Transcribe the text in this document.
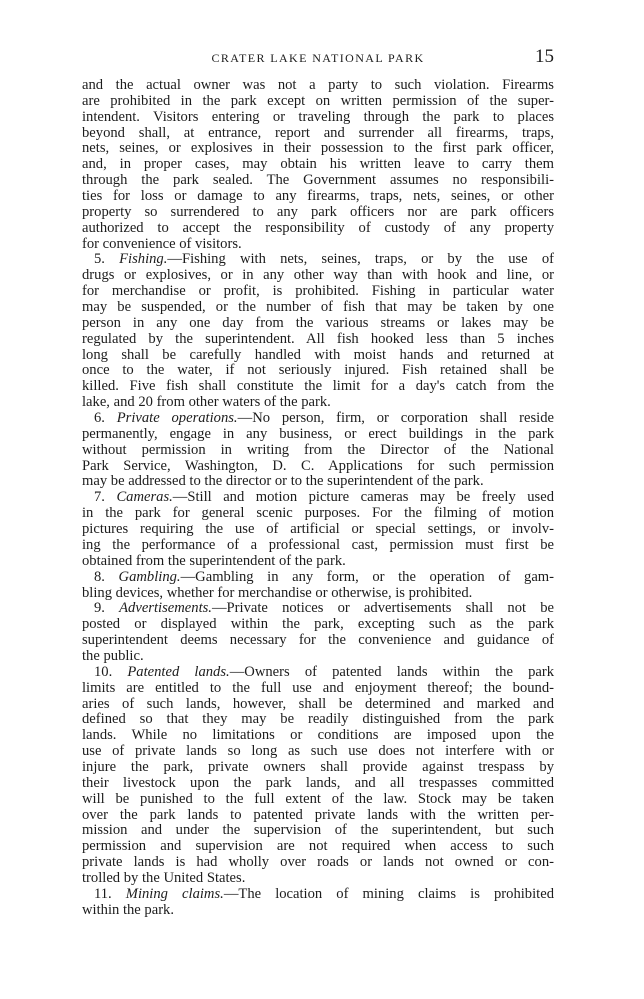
CRATER LAKE NATIONAL PARK	15
and the actual owner was not a party to such violation. Firearms
are prohibited in the park except on written permission of the super-
intendent. Visitors entering or traveling through the park to places
beyond shall, at entrance, report and surrender all firearms, traps,
nets, seines, or explosives in their possession to the first park officer,
and, in proper cases, may obtain his written leave to carry them
through the park sealed. The Government assumes no responsibili-
ties for loss or damage to any firearms, traps, nets, seines, or other
property so surrendered to any park officers nor are park officers
authorized to accept the responsibility of custody of any property
for convenience of visitors.
5. Fishing.—Fishing with nets, seines, traps, or by the use of
drugs or explosives, or in any other way than with hook and line, or
for merchandise or profit, is prohibited. Fishing in particular water
may be suspended, or the number of fish that may be taken by one
person in any one day from the various streams or lakes may be
regulated by the superintendent. All fish hooked less than 5 inches
long shall be carefully handled with moist hands and returned at
once to the water, if not seriously injured. Fish retained shall be
killed. Five fish shall constitute the limit for a day's catch from the
lake, and 20 from other waters of the park.
6. Private operations.—No person, firm, or corporation shall reside
permanently, engage in any business, or erect buildings in the park
without permission in writing from the Director of the National
Park Service, Washington, D. C. Applications for such permission
may be addressed to the director or to the superintendent of the park.
7. Cameras.—Still and motion picture cameras may be freely used
in the park for general scenic purposes. For the filming of motion
pictures requiring the use of artificial or special settings, or involv-
ing the performance of a professional cast, permission must first be
obtained from the superintendent of the park.
8. Gambling.—Gambling in any form, or the operation of gam-
bling devices, whether for merchandise or otherwise, is prohibited.
9. Advertisements.—Private notices or advertisements shall not be
posted or displayed within the park, excepting such as the park
superintendent deems necessary for the convenience and guidance of
the public.
10. Patented lands.—Owners of patented lands within the park
limits are entitled to the full use and enjoyment thereof; the bound-
aries of such lands, however, shall be determined and marked and
defined so that they may be readily distinguished from the park
lands. While no limitations or conditions are imposed upon the
use of private lands so long as such use does not interfere with or
injure the park, private owners shall provide against trespass by
their livestock upon the park lands, and all trespasses committed
will be punished to the full extent of the law. Stock may be taken
over the park lands to patented private lands with the written per-
mission and under the supervision of the superintendent, but such
permission and supervision are not required when access to such
private lands is had wholly over roads or lands not owned or con-
trolled by the United States.
11. Mining claims.—The location of mining claims is prohibited
within the park.
